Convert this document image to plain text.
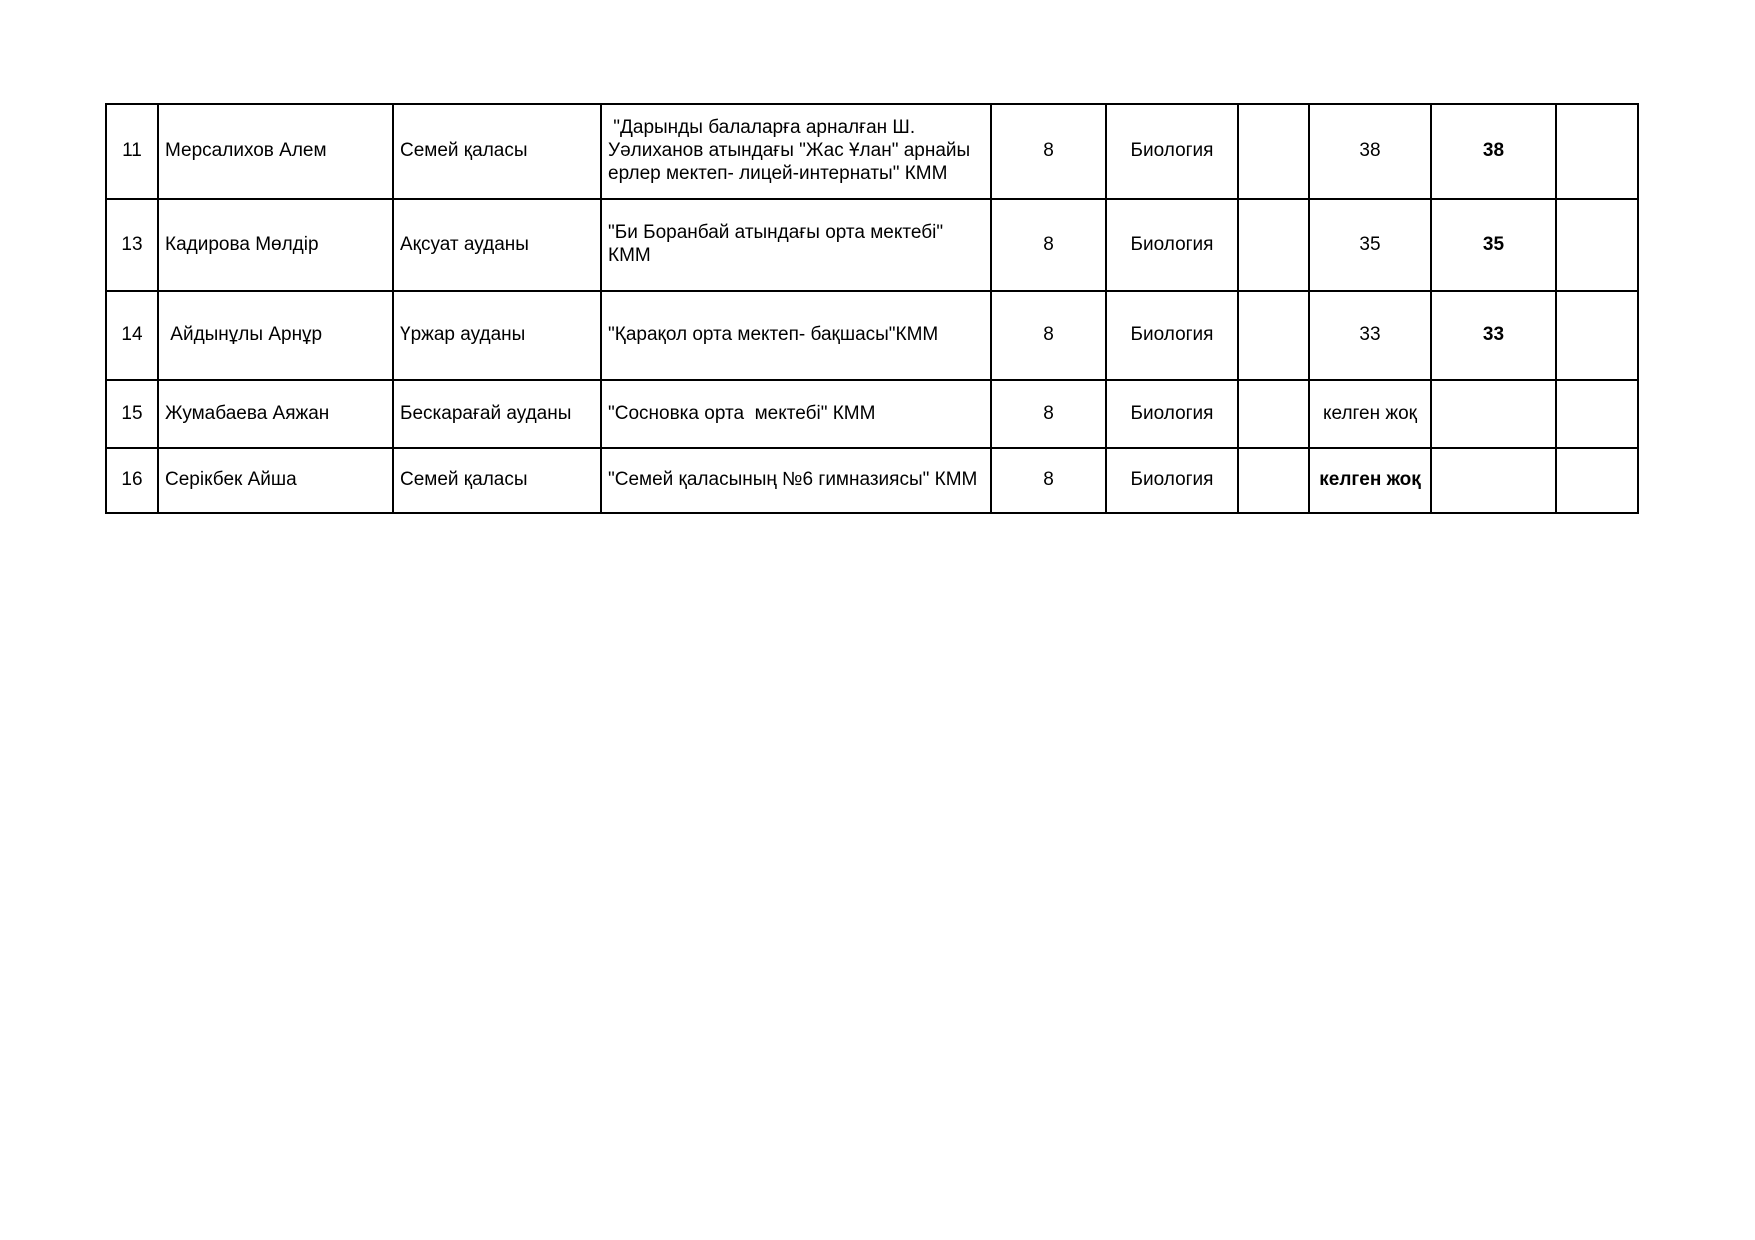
11	Мерсалихов Алем	Семей қаласы	"Дарынды балаларға арналған Ш. Уәлиханов атындағы "Жас Ұлан" арнайы ерлер мектеп- лицей-интернаты" КММ	8	Биология		38	38	
13	Кадирова Мөлдір	Ақсуат ауданы	"Би Боранбай атындағы орта мектебі" КММ	8	Биология		35	35	
14	Айдынұлы Арнұр	Үржар ауданы	"Қарақол орта мектеп- бақшасы"КММ	8	Биология		33	33	
15	Жумабаева Аяжан	Бескарағай ауданы	"Сосновка орта  мектебі" КММ	8	Биология		келген жоқ		
16	Серікбек Айша	Семей қаласы	"Семей қаласының №6 гимназиясы" КММ	8	Биология		келген жоқ		
